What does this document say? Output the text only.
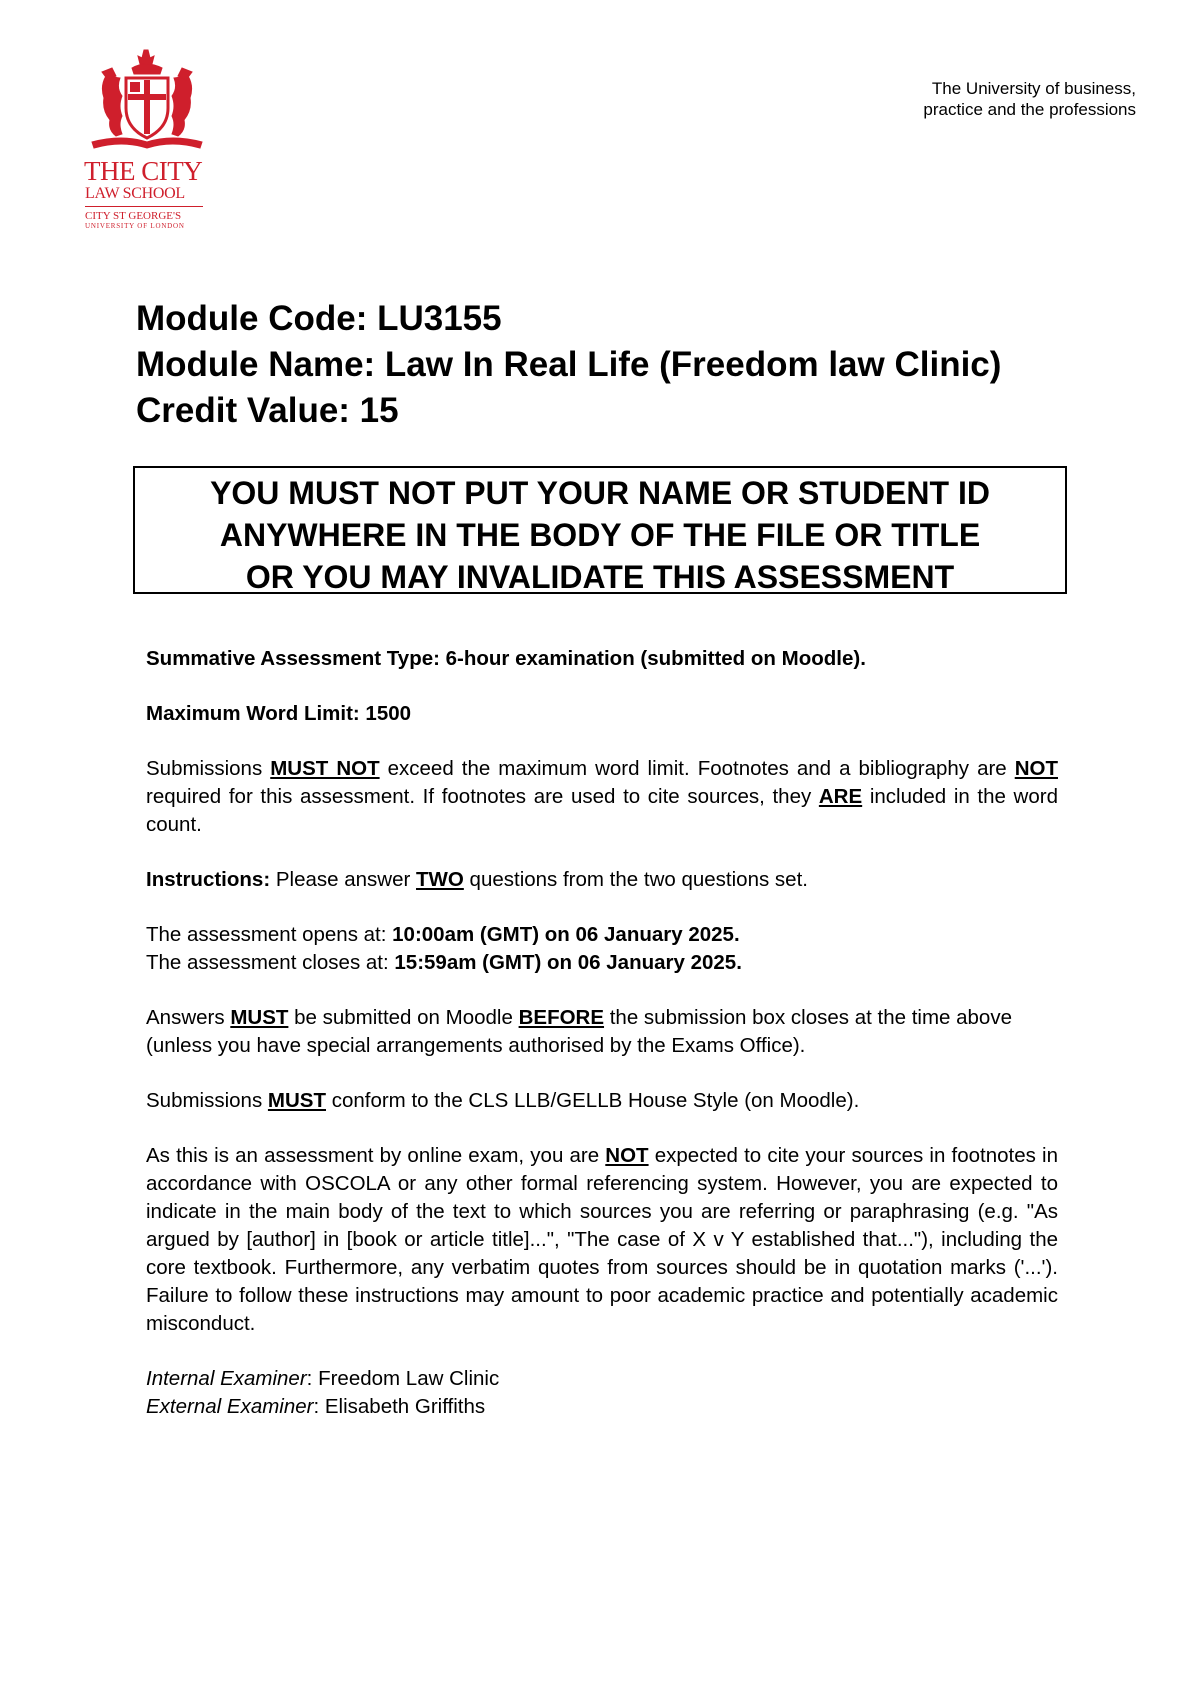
THE CITY
LAW SCHOOL
CITY ST GEORGE'S
UNIVERSITY OF LONDON
The University of business,
practice and the professions
Module Code: LU3155
Module Name: Law In Real Life (Freedom law Clinic)
Credit Value: 15
YOU MUST NOT PUT YOUR NAME OR STUDENT ID
ANYWHERE IN THE BODY OF THE FILE OR TITLE
OR YOU MAY INVALIDATE THIS ASSESSMENT

Summative Assessment Type: 6-hour examination (submitted on Moodle).

Maximum Word Limit: 1500

Submissions MUST NOT exceed the maximum word limit. Footnotes and a bibliography are NOT required for this assessment. If footnotes are used to cite sources, they ARE included in the word count.

Instructions: Please answer TWO questions from the two questions set.

The assessment opens at: 10:00am (GMT) on 06 January 2025.
The assessment closes at: 15:59am (GMT) on 06 January 2025.

Answers MUST be submitted on Moodle BEFORE the submission box closes at the time above (unless you have special arrangements authorised by the Exams Office).

Submissions MUST conform to the CLS LLB/GELLB House Style (on Moodle).

As this is an assessment by online exam, you are NOT expected to cite your sources in footnotes in accordance with OSCOLA or any other formal referencing system. However, you are expected to indicate in the main body of the text to which sources you are referring or paraphrasing (e.g. "As argued by [author] in [book or article title]...", "The case of X v Y established that..."), including the core textbook. Furthermore, any verbatim quotes from sources should be in quotation marks ('...'). Failure to follow these instructions may amount to poor academic practice and potentially academic misconduct.

Internal Examiner: Freedom Law Clinic
External Examiner: Elisabeth Griffiths
